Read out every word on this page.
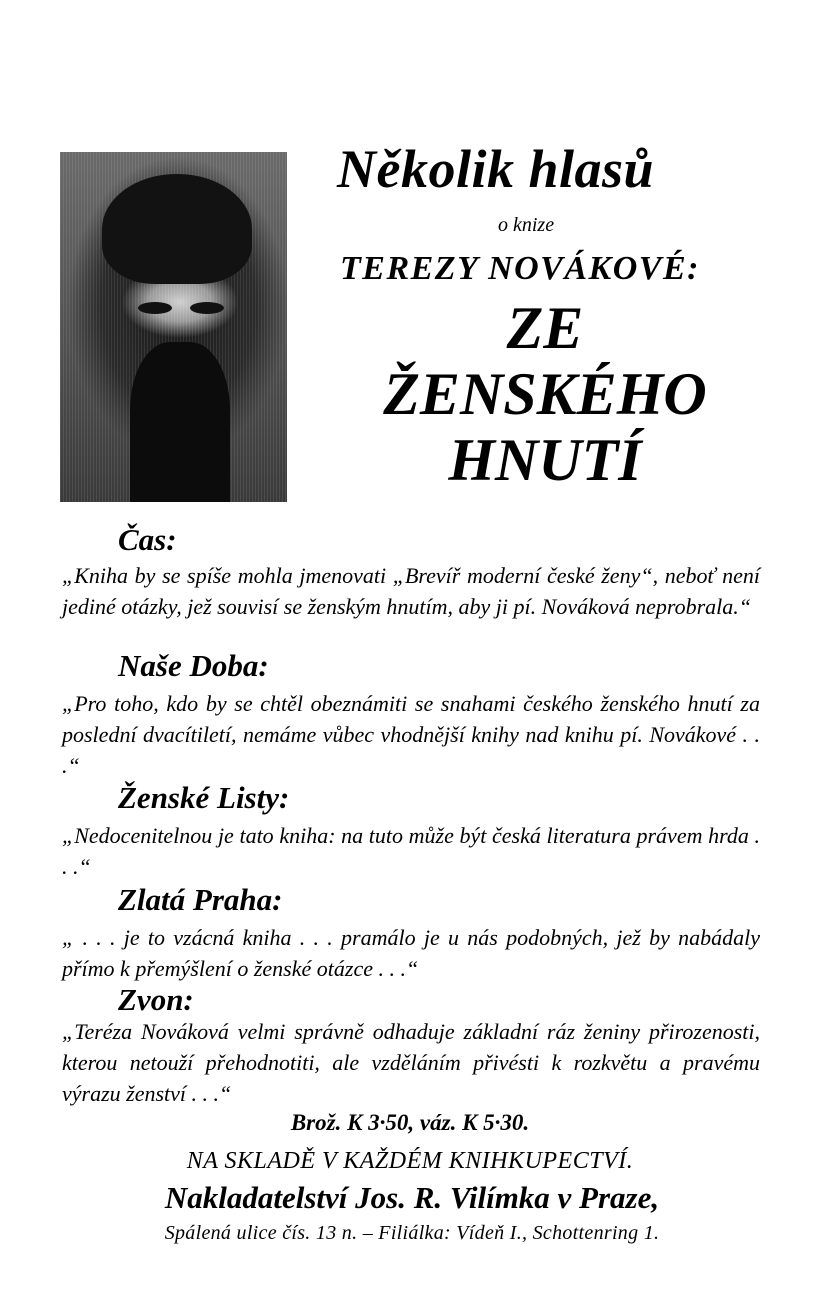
Několik hlasů
o knize
TEREZY NOVÁKOVÉ:
ZE
ŽENSKÉHO
HNUTÍ
Čas:
„Kniha by se spíše mohla jmenovati „Brevíř moderní české ženy“, neboť není jediné otázky, jež souvisí se ženským hnutím, aby ji pí. Nováková neprobrala.“
Naše Doba:
„Pro toho, kdo by se chtěl obeznámiti se snahami českého ženského hnutí za poslední dvacítiletí, nemáme vůbec vhodnější knihy nad knihu pí. Novákové . . .“
Ženské Listy:
„Nedocenitelnou je tato kniha: na tuto může být česká literatura právem hrda . . .“
Zlatá Praha:
„ . . . je to vzácná kniha . . . pramálo je u nás podobných, jež by nabádaly přímo k přemýšlení o ženské otázce . . .“
Zvon:
„Teréza Nováková velmi správně odhaduje základní ráz ženiny přirozenosti, kterou netouží přehodnotiti, ale vzděláním přivésti k rozkvětu a pravému výrazu ženství . . .“
Brož. K 3·50, váz. K 5·30.
NA SKLADĚ V KAŽDÉM KNIHKUPECTVÍ.
Nakladatelství Jos. R. Vilímka v Praze,
Spálená ulice čís. 13 n. – Filiálka: Vídeň I., Schottenring 1.
